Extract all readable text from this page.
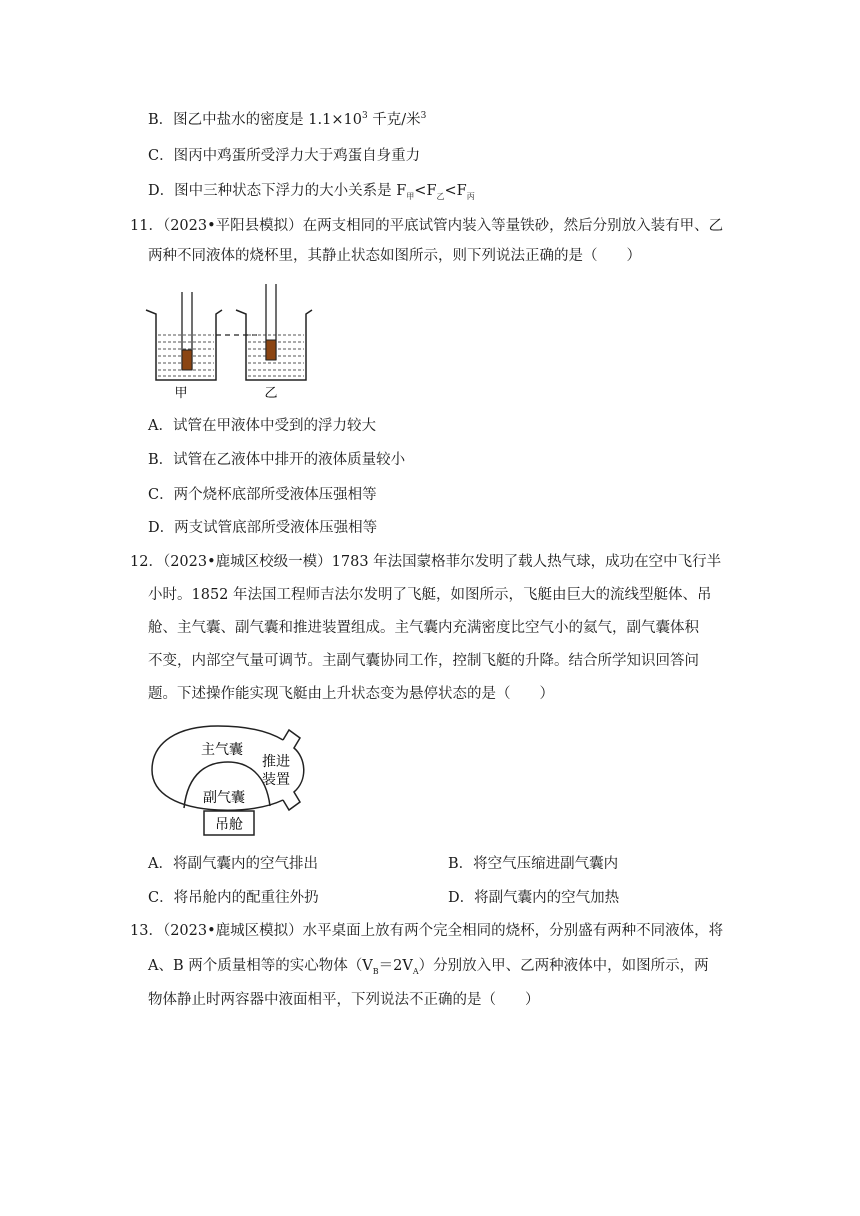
B．图乙中盐水的密度是 $1.1\times 10^3$ 千克/米$^3$
C．图丙中鸡蛋所受浮力大于鸡蛋自身重力
D．图中三种状态下浮力的大小关系是 $F_甲<F_乙<F_丙$
11．（2023•平阳县模拟）在两支相同的平底试管内装入等量铁砂，然后分别放入装有甲、乙
两种不同液体的烧杯里，其静止状态如图所示，则下列说法正确的是（　　）
甲	乙
A．试管在甲液体中受到的浮力较大
B．试管在乙液体中排开的液体质量较小
C．两个烧杯底部所受液体压强相等
D．两支试管底部所受液体压强相等
12．（2023•鹿城区校级一模）1783 年法国蒙格菲尔发明了载人热气球，成功在空中飞行半
小时。1852 年法国工程师吉法尔发明了飞艇，如图所示，飞艇由巨大的流线型艇体、吊
舱、主气囊、副气囊和推进装置组成。主气囊内充满密度比空气小的氦气，副气囊体积
不变，内部空气量可调节。主副气囊协同工作，控制飞艇的升降。结合所学知识回答问
题。下述操作能实现飞艇由上升状态变为悬停状态的是（　　）
主气囊
推进
装置
副气囊
吊舱
A．将副气囊内的空气排出	B．将空气压缩进副气囊内
C．将吊舱内的配重往外扔	D．将副气囊内的空气加热
13．（2023•鹿城区模拟）水平桌面上放有两个完全相同的烧杯，分别盛有两种不同液体，将
A、B 两个质量相等的实心物体$(V_B=2V_A)$分别放入甲、乙两种液体中，如图所示，两
物体静止时两容器中液面相平，下列说法不正确的是（　　）
